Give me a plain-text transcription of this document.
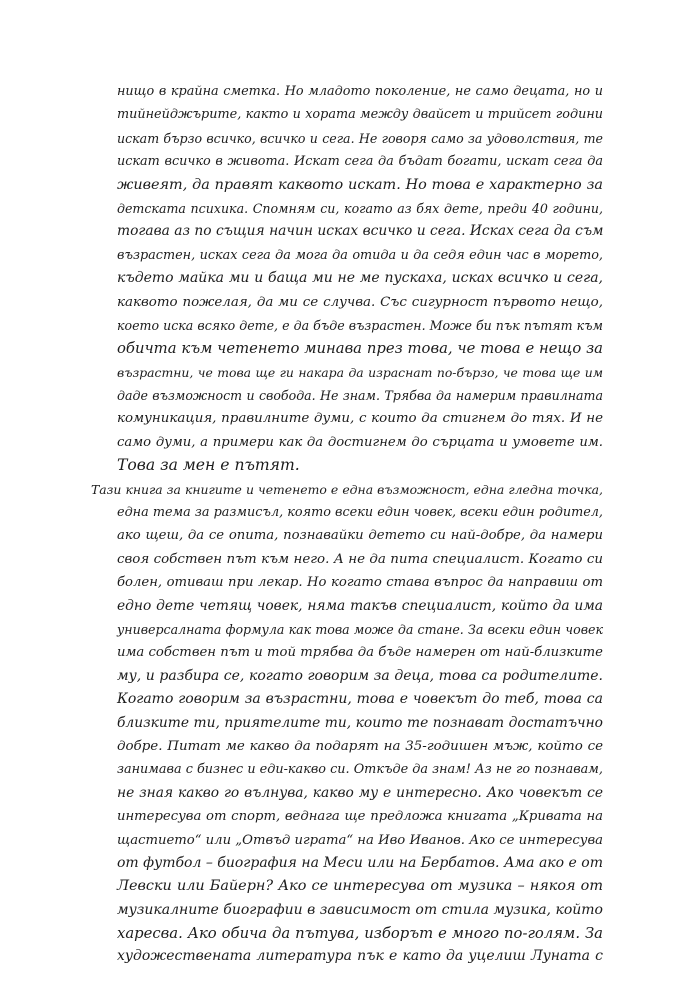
нищо в крайна сметка. Но младото поколение, не само децата, но и
тийнейджърите, както и хората между двайсет и трийсет години
искат бързо всичко, всичко и сега. Не говоря само за удоволствия, те
искат всичко в живота. Искат сега да бъдат богати, искат сега да
живеят, да правят каквото искат. Но това е характерно за
детската психика. Спомням си, когато аз бях дете, преди 40 години,
тогава аз по същия начин исках всичко и сега. Исках сега да съм
възрастен, исках сега да мога да отида и да седя един час в морето,
където майка ми и баща ми не ме пускаха, исках всичко и сега,
каквото пожелая, да ми се случва. Със сигурност първото нещо,
което иска всяко дете, е да бъде възрастен. Може би пък пътят към
обичта към четенето минава през това, че това е нещо за
възрастни, че това ще ги накара да израснат по-бързо, че това ще им
даде възможност и свобода. Не знам. Трябва да намерим правилната
комуникация, правилните думи, с които да стигнем до тях. И не
само думи, а примери как да достигнем до сърцата и умовете им.
Това за мен е пътят.
Тази книга за книгите и четенето е една възможност, една гледна точка,
една тема за размисъл, която всеки един човек, всеки един родител,
ако щеш, да се опита, познавайки детето си най-добре, да намери
своя собствен път към него. А не да пита специалист. Когато си
болен, отиваш при лекар. Но когато става въпрос да направиш от
едно дете четящ човек, няма такъв специалист, който да има
универсалната формула как това може да стане. За всеки един човек
има собствен път и той трябва да бъде намерен от най-близките
му, и разбира се, когато говорим за деца, това са родителите.
Когато говорим за възрастни, това е човекът до теб, това са
близките ти, приятелите ти, които те познават достатъчно
добре. Питат ме какво да подарят на 35-годишен мъж, който се
занимава с бизнес и еди-какво си. Откъде да знам! Аз не го познавам,
не зная какво го вълнува, какво му е интересно. Ако човекът се
интересува от спорт, веднага ще предложа книгата „Кривата на
щастието“ или „Отвъд играта“ на Иво Иванов. Ако се интересува
от футбол – биография на Меси или на Бербатов. Ама ако е от
Левски или Байерн? Ако се интересува от музика – някоя от
музикалните биографии в зависимост от стила музика, който
харесва. Ако обича да пътува, изборът е много по-голям. За
художествената литература пък е като да уцелиш Луната с
